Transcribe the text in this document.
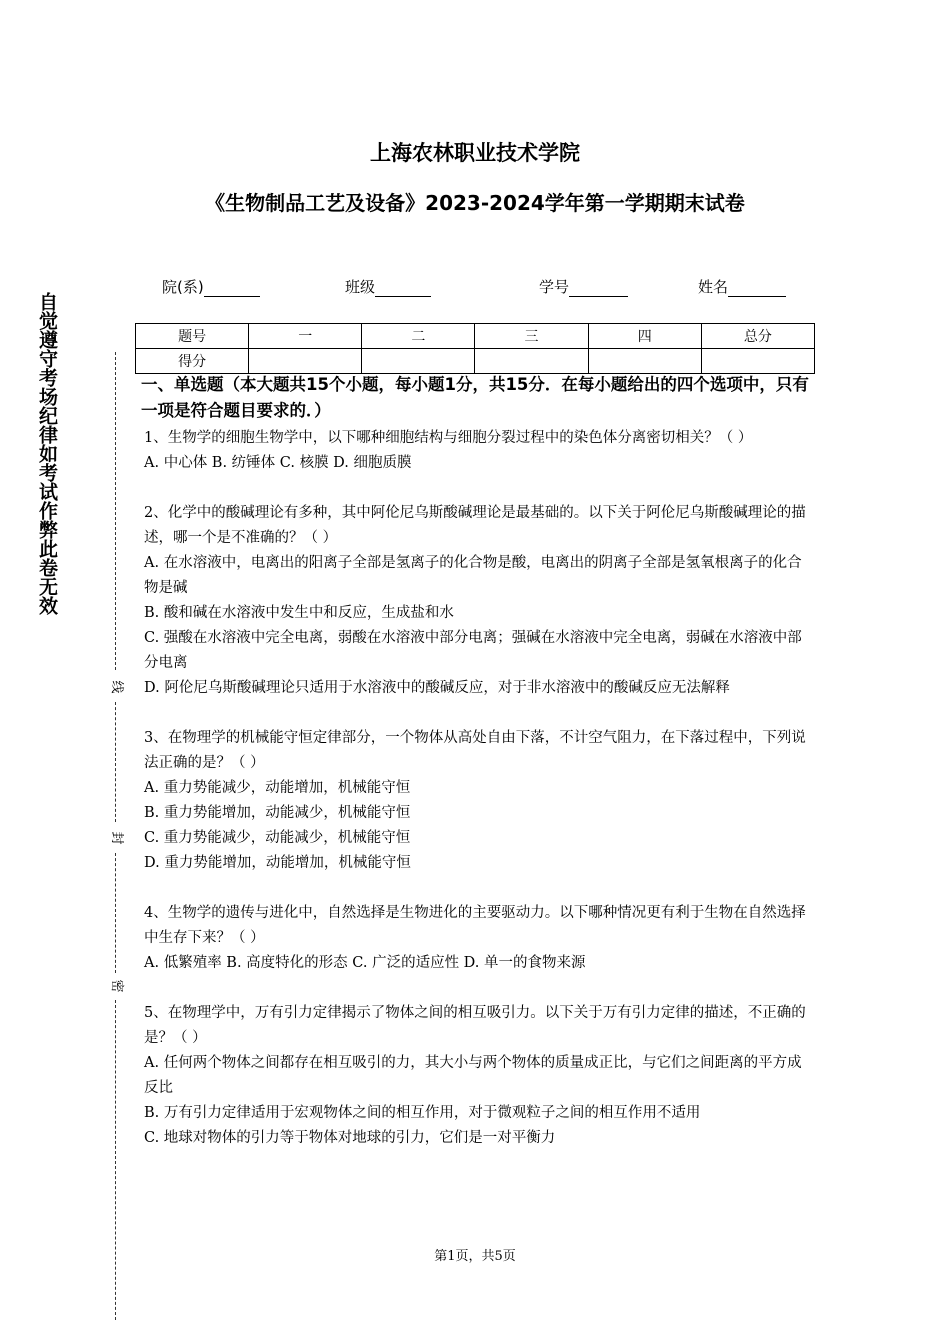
自觉遵守考场纪律如考试作弊此卷无效
线
封
密
上海农林职业技术学院
《生物制品工艺及设备》2023-2024学年第一学期期末试卷
院(系)	班级	学号	姓名
题号	一	二	三	四	总分
得分					
一、单选题（本大题共15个小题，每小题1分，共15分．在每小题给出的四个选项中，只有一项是符合题目要求的．）

1、生物学的细胞生物学中，以下哪种细胞结构与细胞分裂过程中的染色体分离密切相关？（ ）

A. 中心体 B. 纺锤体 C. 核膜 D. 细胞质膜

2、化学中的酸碱理论有多种，其中阿伦尼乌斯酸碱理论是最基础的。以下关于阿伦尼乌斯酸碱理论的描述，哪一个是不准确的？（ ）

A. 在水溶液中，电离出的阳离子全部是氢离子的化合物是酸，电离出的阴离子全部是氢氧根离子的化合物是碱

B. 酸和碱在水溶液中发生中和反应，生成盐和水

C. 强酸在水溶液中完全电离，弱酸在水溶液中部分电离；强碱在水溶液中完全电离，弱碱在水溶液中部分电离

D. 阿伦尼乌斯酸碱理论只适用于水溶液中的酸碱反应，对于非水溶液中的酸碱反应无法解释

3、在物理学的机械能守恒定律部分，一个物体从高处自由下落，不计空气阻力，在下落过程中，下列说法正确的是？（ ）

A. 重力势能减少，动能增加，机械能守恒

B. 重力势能增加，动能减少，机械能守恒

C. 重力势能减少，动能减少，机械能守恒

D. 重力势能增加，动能增加，机械能守恒

4、生物学的遗传与进化中，自然选择是生物进化的主要驱动力。以下哪种情况更有利于生物在自然选择中生存下来？（ ）

A. 低繁殖率 B. 高度特化的形态 C. 广泛的适应性 D. 单一的食物来源

5、在物理学中，万有引力定律揭示了物体之间的相互吸引力。以下关于万有引力定律的描述，不正确的是？（ ）

A. 任何两个物体之间都存在相互吸引的力，其大小与两个物体的质量成正比，与它们之间距离的平方成反比

B. 万有引力定律适用于宏观物体之间的相互作用，对于微观粒子之间的相互作用不适用

C. 地球对物体的引力等于物体对地球的引力，它们是一对平衡力

第1页，共5页
